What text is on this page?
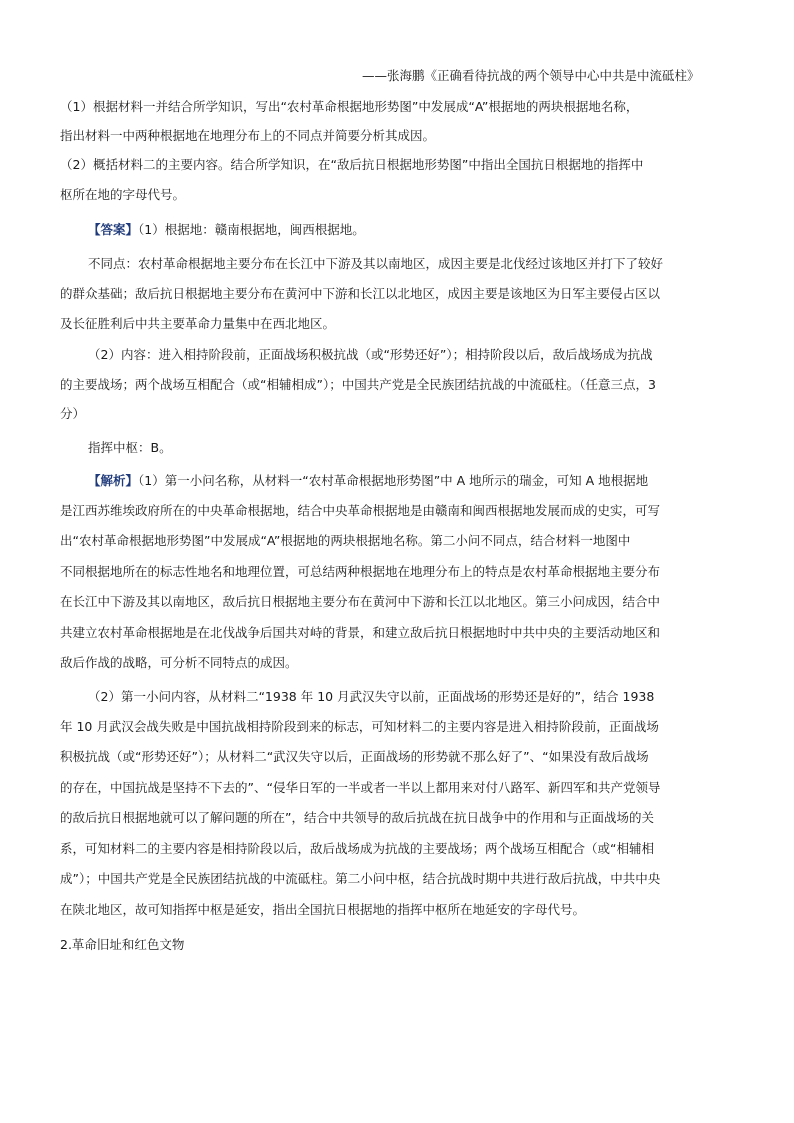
——张海鹏《正确看待抗战的两个领导中心中共是中流砥柱》
（1）根据材料一并结合所学知识，写出“农村革命根据地形势图”中发展成“A”根据地的两块根据地名称，
指出材料一中两种根据地在地理分布上的不同点并简要分析其成因。
（2）概括材料二的主要内容。结合所学知识，在“敌后抗日根据地形势图”中指出全国抗日根据地的指挥中
枢所在地的字母代号。
【答案】（1）根据地：赣南根据地，闽西根据地。
不同点：农村革命根据地主要分布在长江中下游及其以南地区，成因主要是北伐经过该地区并打下了较好
的群众基础；敌后抗日根据地主要分布在黄河中下游和长江以北地区，成因主要是该地区为日军主要侵占区以
及长征胜利后中共主要革命力量集中在西北地区。
（2）内容：进入相持阶段前，正面战场积极抗战（或“形势还好”）；相持阶段以后，敌后战场成为抗战
的主要战场；两个战场互相配合（或“相辅相成”）；中国共产党是全民族团结抗战的中流砥柱。（任意三点，3
分）
指挥中枢：B。
【解析】（1）第一小问名称，从材料一“农村革命根据地形势图”中 A 地所示的瑞金，可知 A 地根据地
是江西苏维埃政府所在的中央革命根据地，结合中央革命根据地是由赣南和闽西根据地发展而成的史实，可写
出“农村革命根据地形势图”中发展成“A”根据地的两块根据地名称。第二小问不同点，结合材料一地图中
不同根据地所在的标志性地名和地理位置，可总结两种根据地在地理分布上的特点是农村革命根据地主要分布
在长江中下游及其以南地区，敌后抗日根据地主要分布在黄河中下游和长江以北地区。第三小问成因，结合中
共建立农村革命根据地是在北伐战争后国共对峙的背景，和建立敌后抗日根据地时中共中央的主要活动地区和
敌后作战的战略，可分析不同特点的成因。
（2）第一小问内容，从材料二“1938 年 10 月武汉失守以前，正面战场的形势还是好的”，结合 1938
年 10 月武汉会战失败是中国抗战相持阶段到来的标志，可知材料二的主要内容是进入相持阶段前，正面战场
积极抗战（或“形势还好”）；从材料二“武汉失守以后，正面战场的形势就不那么好了”、“如果没有敌后战场
的存在，中国抗战是坚持不下去的”、“侵华日军的一半或者一半以上都用来对付八路军、新四军和共产党领导
的敌后抗日根据地就可以了解问题的所在”，结合中共领导的敌后抗战在抗日战争中的作用和与正面战场的关
系，可知材料二的主要内容是相持阶段以后，敌后战场成为抗战的主要战场；两个战场互相配合（或“相辅相
成”）；中国共产党是全民族团结抗战的中流砥柱。第二小问中枢，结合抗战时期中共进行敌后抗战，中共中央
在陕北地区，故可知指挥中枢是延安，指出全国抗日根据地的指挥中枢所在地延安的字母代号。
2.革命旧址和红色文物
